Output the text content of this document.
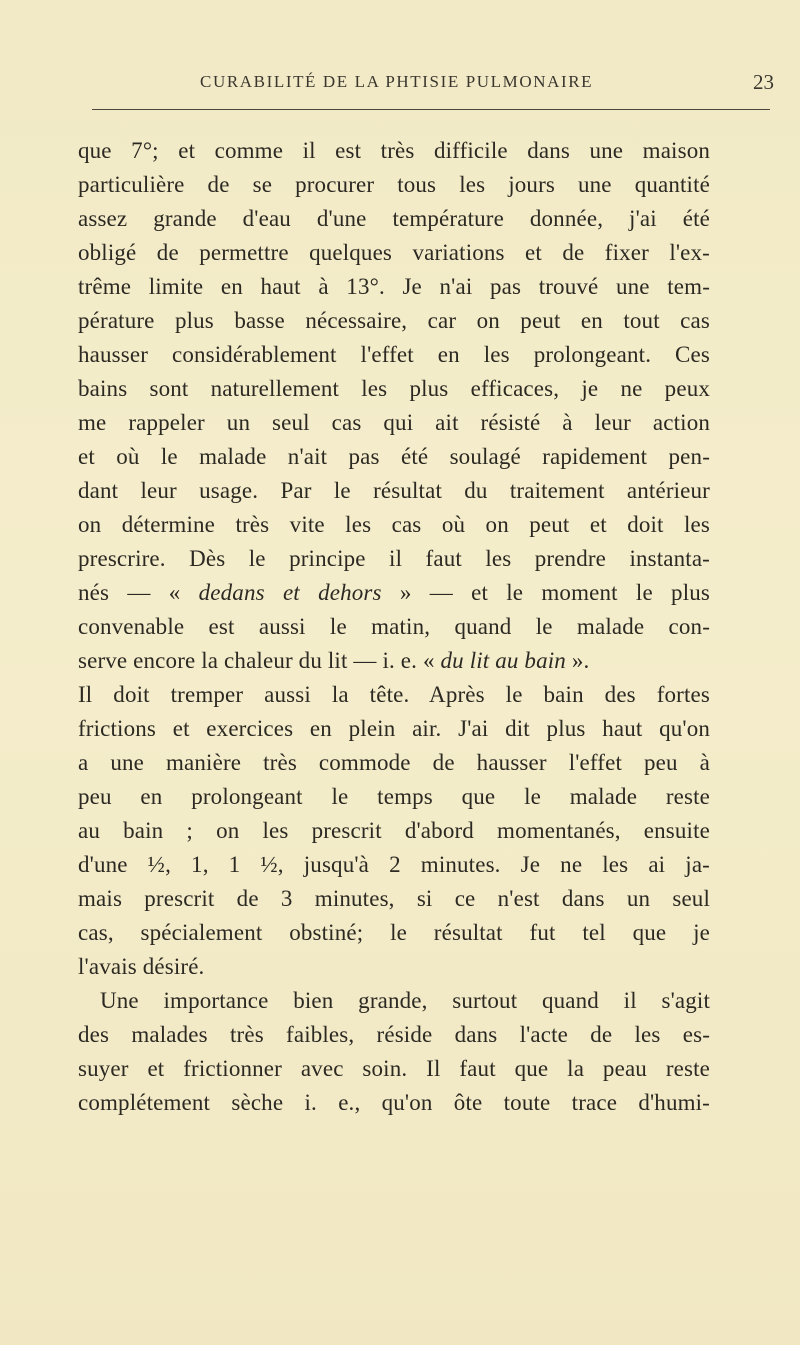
CURABILITÉ DE LA PHTISIE PULMONAIRE	23
que 7°; et comme il est très difficile dans une maison
particulière de se procurer tous les jours une quantité
assez grande d'eau d'une température donnée, j'ai été
obligé de permettre quelques variations et de fixer l'ex-
trême limite en haut à 13°. Je n'ai pas trouvé une tem-
pérature plus basse nécessaire, car on peut en tout cas
hausser considérablement l'effet en les prolongeant. Ces
bains sont naturellement les plus efficaces, je ne peux
me rappeler un seul cas qui ait résisté à leur action
et où le malade n'ait pas été soulagé rapidement pen-
dant leur usage. Par le résultat du traitement antérieur
on détermine très vite les cas où on peut et doit les
prescrire. Dès le principe il faut les prendre instanta-
nés — « dedans et dehors » — et le moment le plus
convenable est aussi le matin, quand le malade con-
serve encore la chaleur du lit — i. e. « du lit au bain ».
Il doit tremper aussi la tête. Après le bain des fortes
frictions et exercices en plein air. J'ai dit plus haut qu'on
a une manière très commode de hausser l'effet peu à
peu en prolongeant le temps que le malade reste
au bain ; on les prescrit d'abord momentanés, ensuite
d'une ½, 1, 1 ½, jusqu'à 2 minutes. Je ne les ai ja-
mais prescrit de 3 minutes, si ce n'est dans un seul
cas, spécialement obstiné; le résultat fut tel que je
l'avais désiré.
Une importance bien grande, surtout quand il s'agit
des malades très faibles, réside dans l'acte de les es-
suyer et frictionner avec soin. Il faut que la peau reste
complétement sèche i. e., qu'on ôte toute trace d'humi-
